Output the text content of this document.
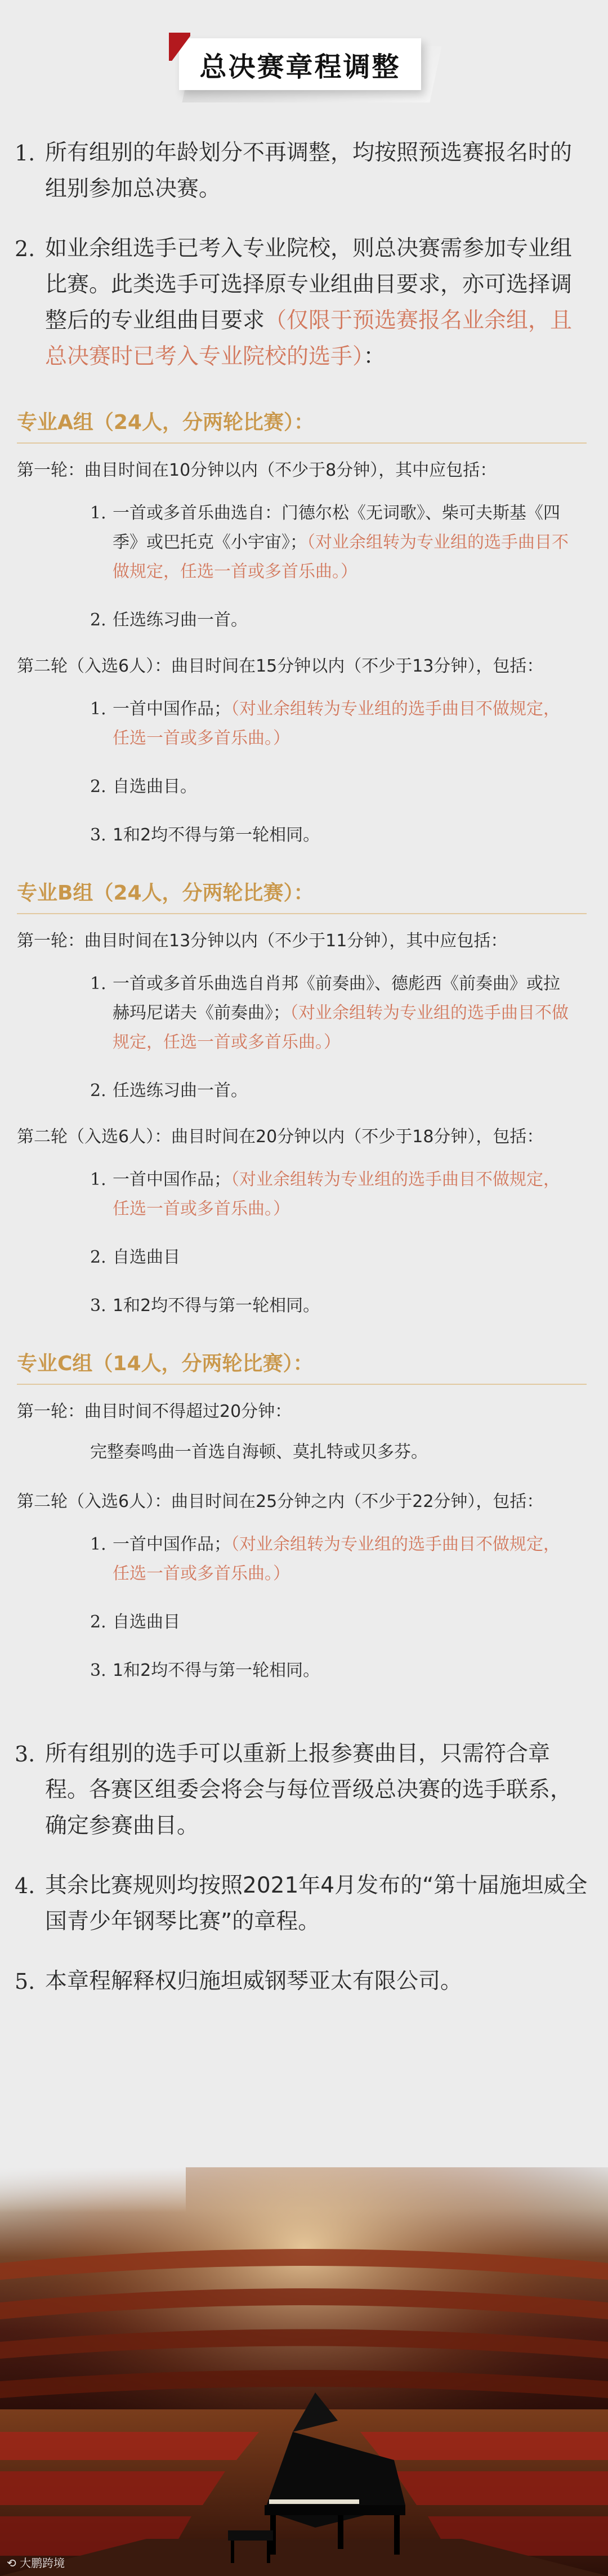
总决赛章程调整
1. 所有组别的年龄划分不再调整，均按照预选赛报名时的组别参加总决赛。
2. 如业余组选手已考入专业院校，则总决赛需参加专业组比赛。此类选手可选择原专业组曲目要求，亦可选择调整后的专业组曲目要求（仅限于预选赛报名业余组，且总决赛时已考入专业院校的选手）：
专业A组（24人，分两轮比赛）：
第一轮：曲目时间在10分钟以内（不少于8分钟），其中应包括：
1. 一首或多首乐曲选自：门德尔松《无词歌》、柴可夫斯基《四季》或巴托克《小宇宙》；（对业余组转为专业组的选手曲目不做规定，任选一首或多首乐曲。）
2. 任选练习曲一首。
第二轮（入选6人）：曲目时间在15分钟以内（不少于13分钟），包括：
1. 一首中国作品；（对业余组转为专业组的选手曲目不做规定，任选一首或多首乐曲。）
2. 自选曲目。
3. 1和2均不得与第一轮相同。
专业B组（24人，分两轮比赛）：
第一轮：曲目时间在13分钟以内（不少于11分钟），其中应包括：
1. 一首或多首乐曲选自肖邦《前奏曲》、德彪西《前奏曲》或拉赫玛尼诺夫《前奏曲》；（对业余组转为专业组的选手曲目不做规定，任选一首或多首乐曲。）
2. 任选练习曲一首。
第二轮（入选6人）：曲目时间在20分钟以内（不少于18分钟），包括：
1. 一首中国作品；（对业余组转为专业组的选手曲目不做规定，任选一首或多首乐曲。）
2. 自选曲目
3. 1和2均不得与第一轮相同。
专业C组（14人，分两轮比赛）：
第一轮：曲目时间不得超过20分钟：
完整奏鸣曲一首选自海顿、莫扎特或贝多芬。
第二轮（入选6人）：曲目时间在25分钟之内（不少于22分钟），包括：
1. 一首中国作品；（对业余组转为专业组的选手曲目不做规定，任选一首或多首乐曲。）
2. 自选曲目
3. 1和2均不得与第一轮相同。
3. 所有组别的选手可以重新上报参赛曲目，只需符合章程。各赛区组委会将会与每位晋级总决赛的选手联系，确定参赛曲目。
4. 其余比赛规则均按照2021年4月发布的“第十届施坦威全国青少年钢琴比赛”的章程。
5. 本章程解释权归施坦威钢琴亚太有限公司。
⟲ 大鹏跨境
